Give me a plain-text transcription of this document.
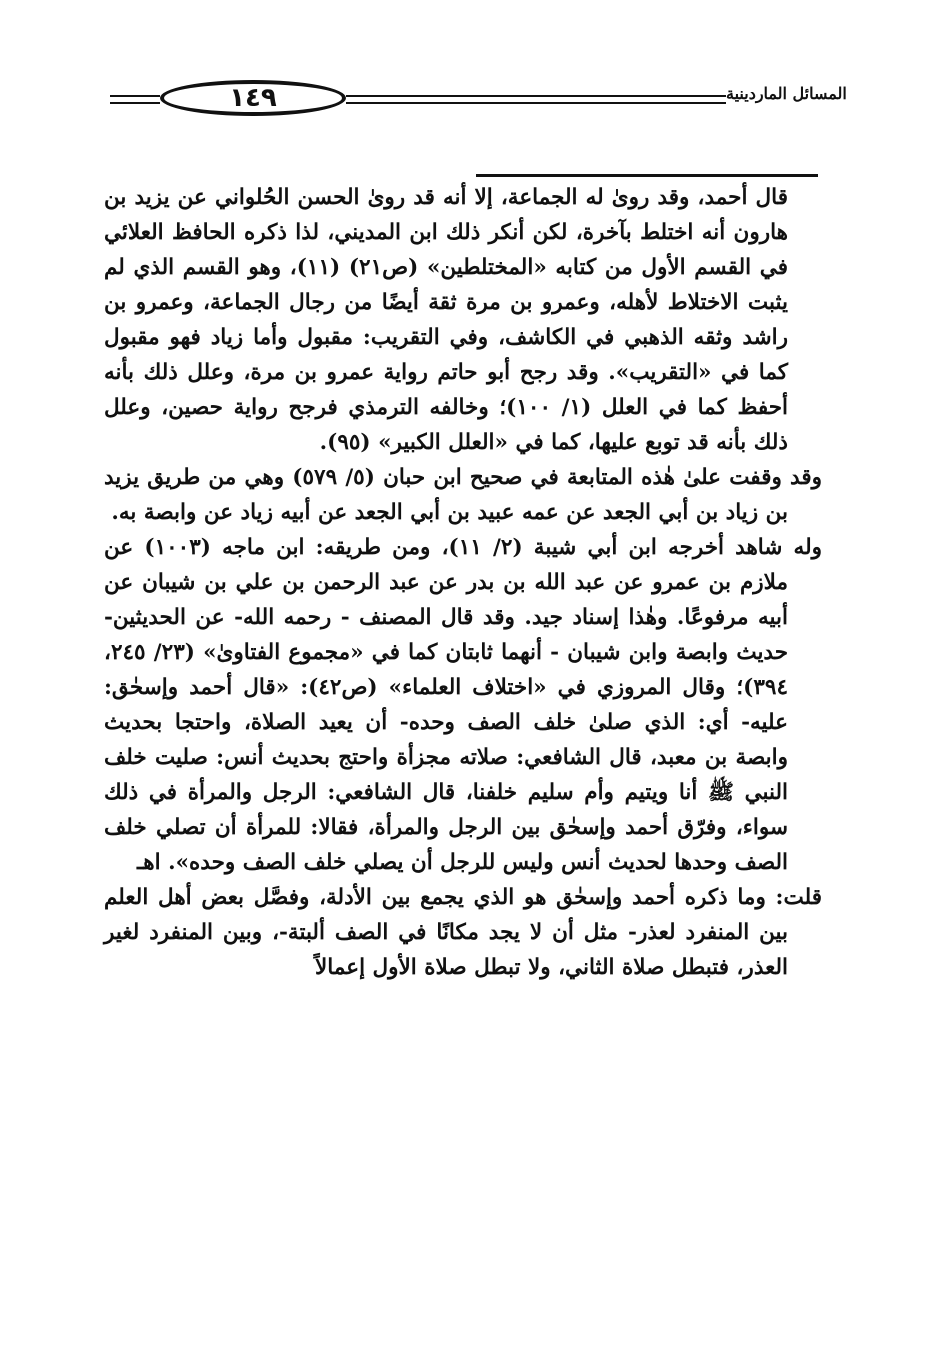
١٤٩	المسائل الماردينية

قال أحمد، وقد روىٰ له الجماعة، إلا أنه قد روىٰ الحسن الحُلواني عن يزيد بن هارون أنه اختلط بآخرة، لكن أنكر ذلك ابن المديني، لذا ذكره الحافظ العلائي في القسم الأول من كتابه «المختلطين» (ص٢١) (١١)، وهو القسم الذي لم يثبت الاختلاط لأهله، وعمرو بن مرة ثقة أيضًا من رجال الجماعة، وعمرو بن راشد وثقه الذهبي في الكاشف، وفي التقريب: مقبول وأما زياد فهو مقبول كما في «التقريب». وقد رجح أبو حاتم رواية عمرو بن مرة، وعلل ذلك بأنه أحفظ كما في العلل (١/ ١٠٠)؛ وخالفه الترمذي فرجح رواية حصين، وعلل ذلك بأنه قد توبع عليها، كما في «العلل الكبير» (٩٥).

وقد وقفت علىٰ هٰذه المتابعة في صحيح ابن حبان (٥/ ٥٧٩) وهي من طريق يزيد بن زياد بن أبي الجعد عن عمه عبيد بن أبي الجعد عن أبيه زياد عن وابصة به.

وله شاهد أخرجه ابن أبي شيبة (٢/ ١١)، ومن طريقه: ابن ماجه (١٠٠٣) عن ملازم بن عمرو عن عبد الله بن بدر عن عبد الرحمن بن علي بن شيبان عن أبيه مرفوعًا. وهٰذا إسناد جيد. وقد قال المصنف - رحمه الله- عن الحديثين- حديث وابصة وابن شيبان - أنهما ثابتان كما في «مجموع الفتاوىٰ» (٢٣/ ٢٤٥، ٣٩٤)؛ وقال المروزي في «اختلاف العلماء» (ص٤٢): «قال أحمد وإسحٰق: عليه- أي: الذي صلىٰ خلف الصف وحده- أن يعيد الصلاة، واحتجا بحديث وابصة بن معبد، قال الشافعي: صلاته مجزأة واحتج بحديث أنس: صليت خلف النبي ﷺ أنا ويتيم وأم سليم خلفنا، قال الشافعي: الرجل والمرأة في ذلك سواء، وفرّق أحمد وإسحٰق بين الرجل والمرأة، فقالا: للمرأة أن تصلي خلف الصف وحدها لحديث أنس وليس للرجل أن يصلي خلف الصف وحده». اهـ

قلت: وما ذكره أحمد وإسحٰق هو الذي يجمع بين الأدلة، وفصَّل بعض أهل العلم بين المنفرد لعذر- مثل أن لا يجد مكانًا في الصف ألبتة-، وبين المنفرد لغير العذر، فتبطل صلاة الثاني، ولا تبطل صلاة الأول إعمالاً
